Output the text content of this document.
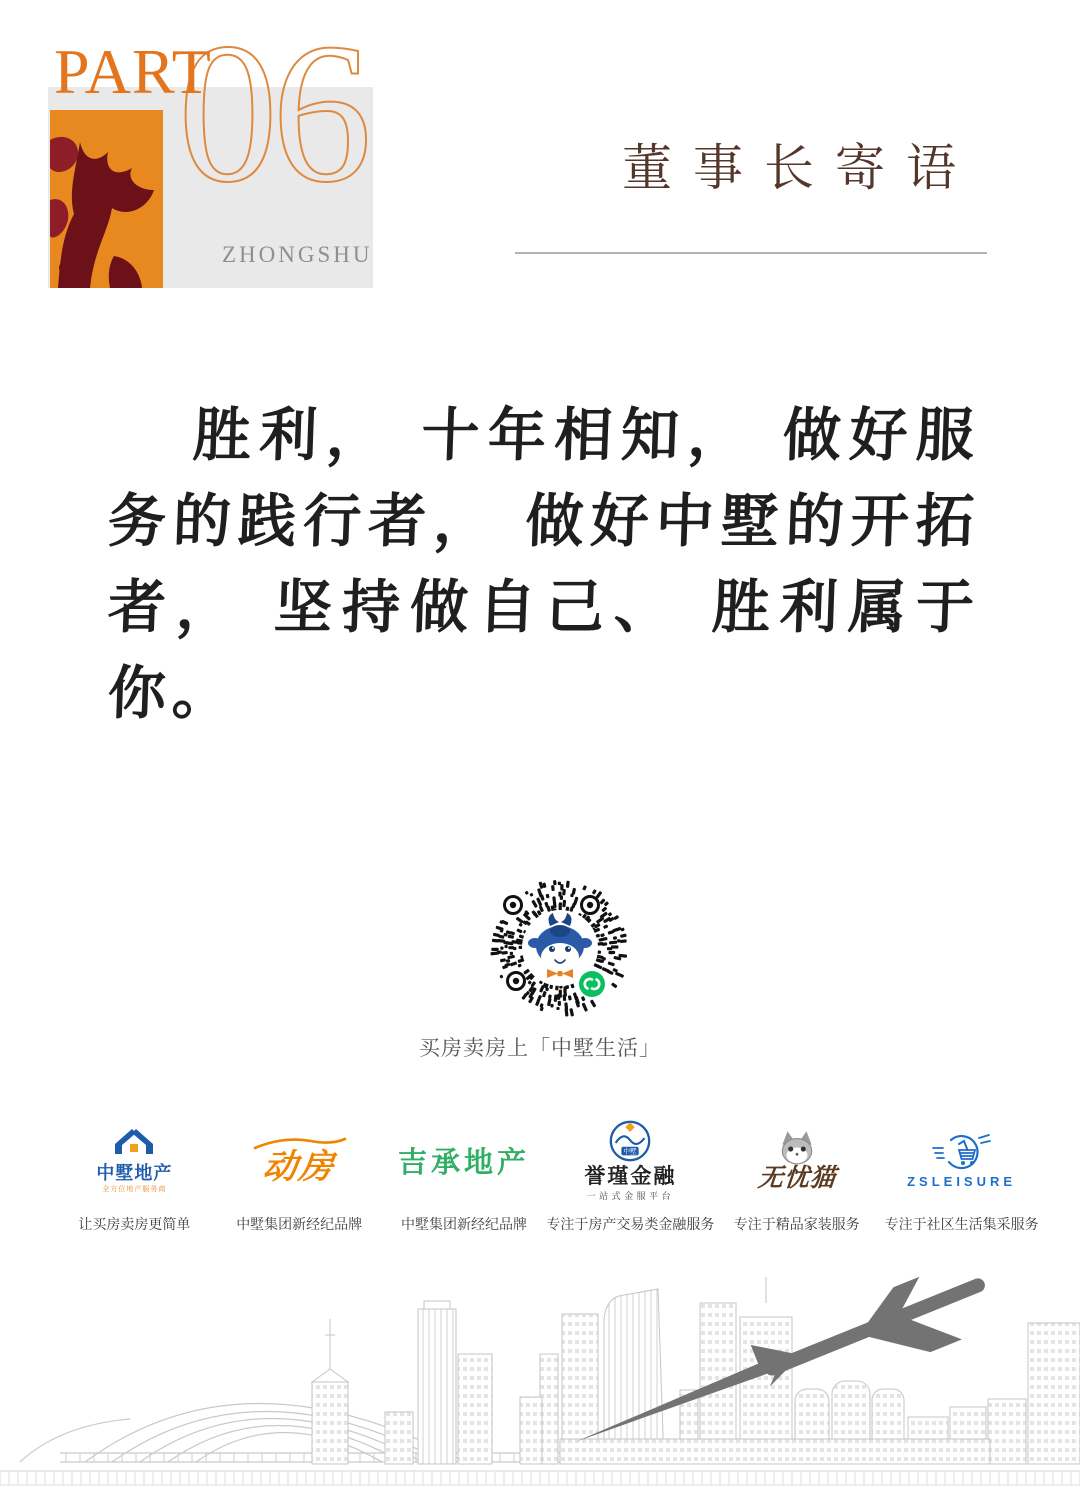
06
PART
ZHONGSHU
董事长寄语
胜利， 十年相知， 做好服
务的践行者， 做好中墅的开拓
者， 坚持做自己、 胜利属于
你。
买房卖房上「中墅生活」
中墅地产
全方位地产服务商
让买房卖房更简单
动房
中墅集团新经纪品牌
吉承地产
中墅集团新经纪品牌
中墅
誉瑾金融
一站式金服平台
专注于房产交易类金融服务
无忧猫
专注于精品家装服务
ZSLEISURE
专注于社区生活集采服务
